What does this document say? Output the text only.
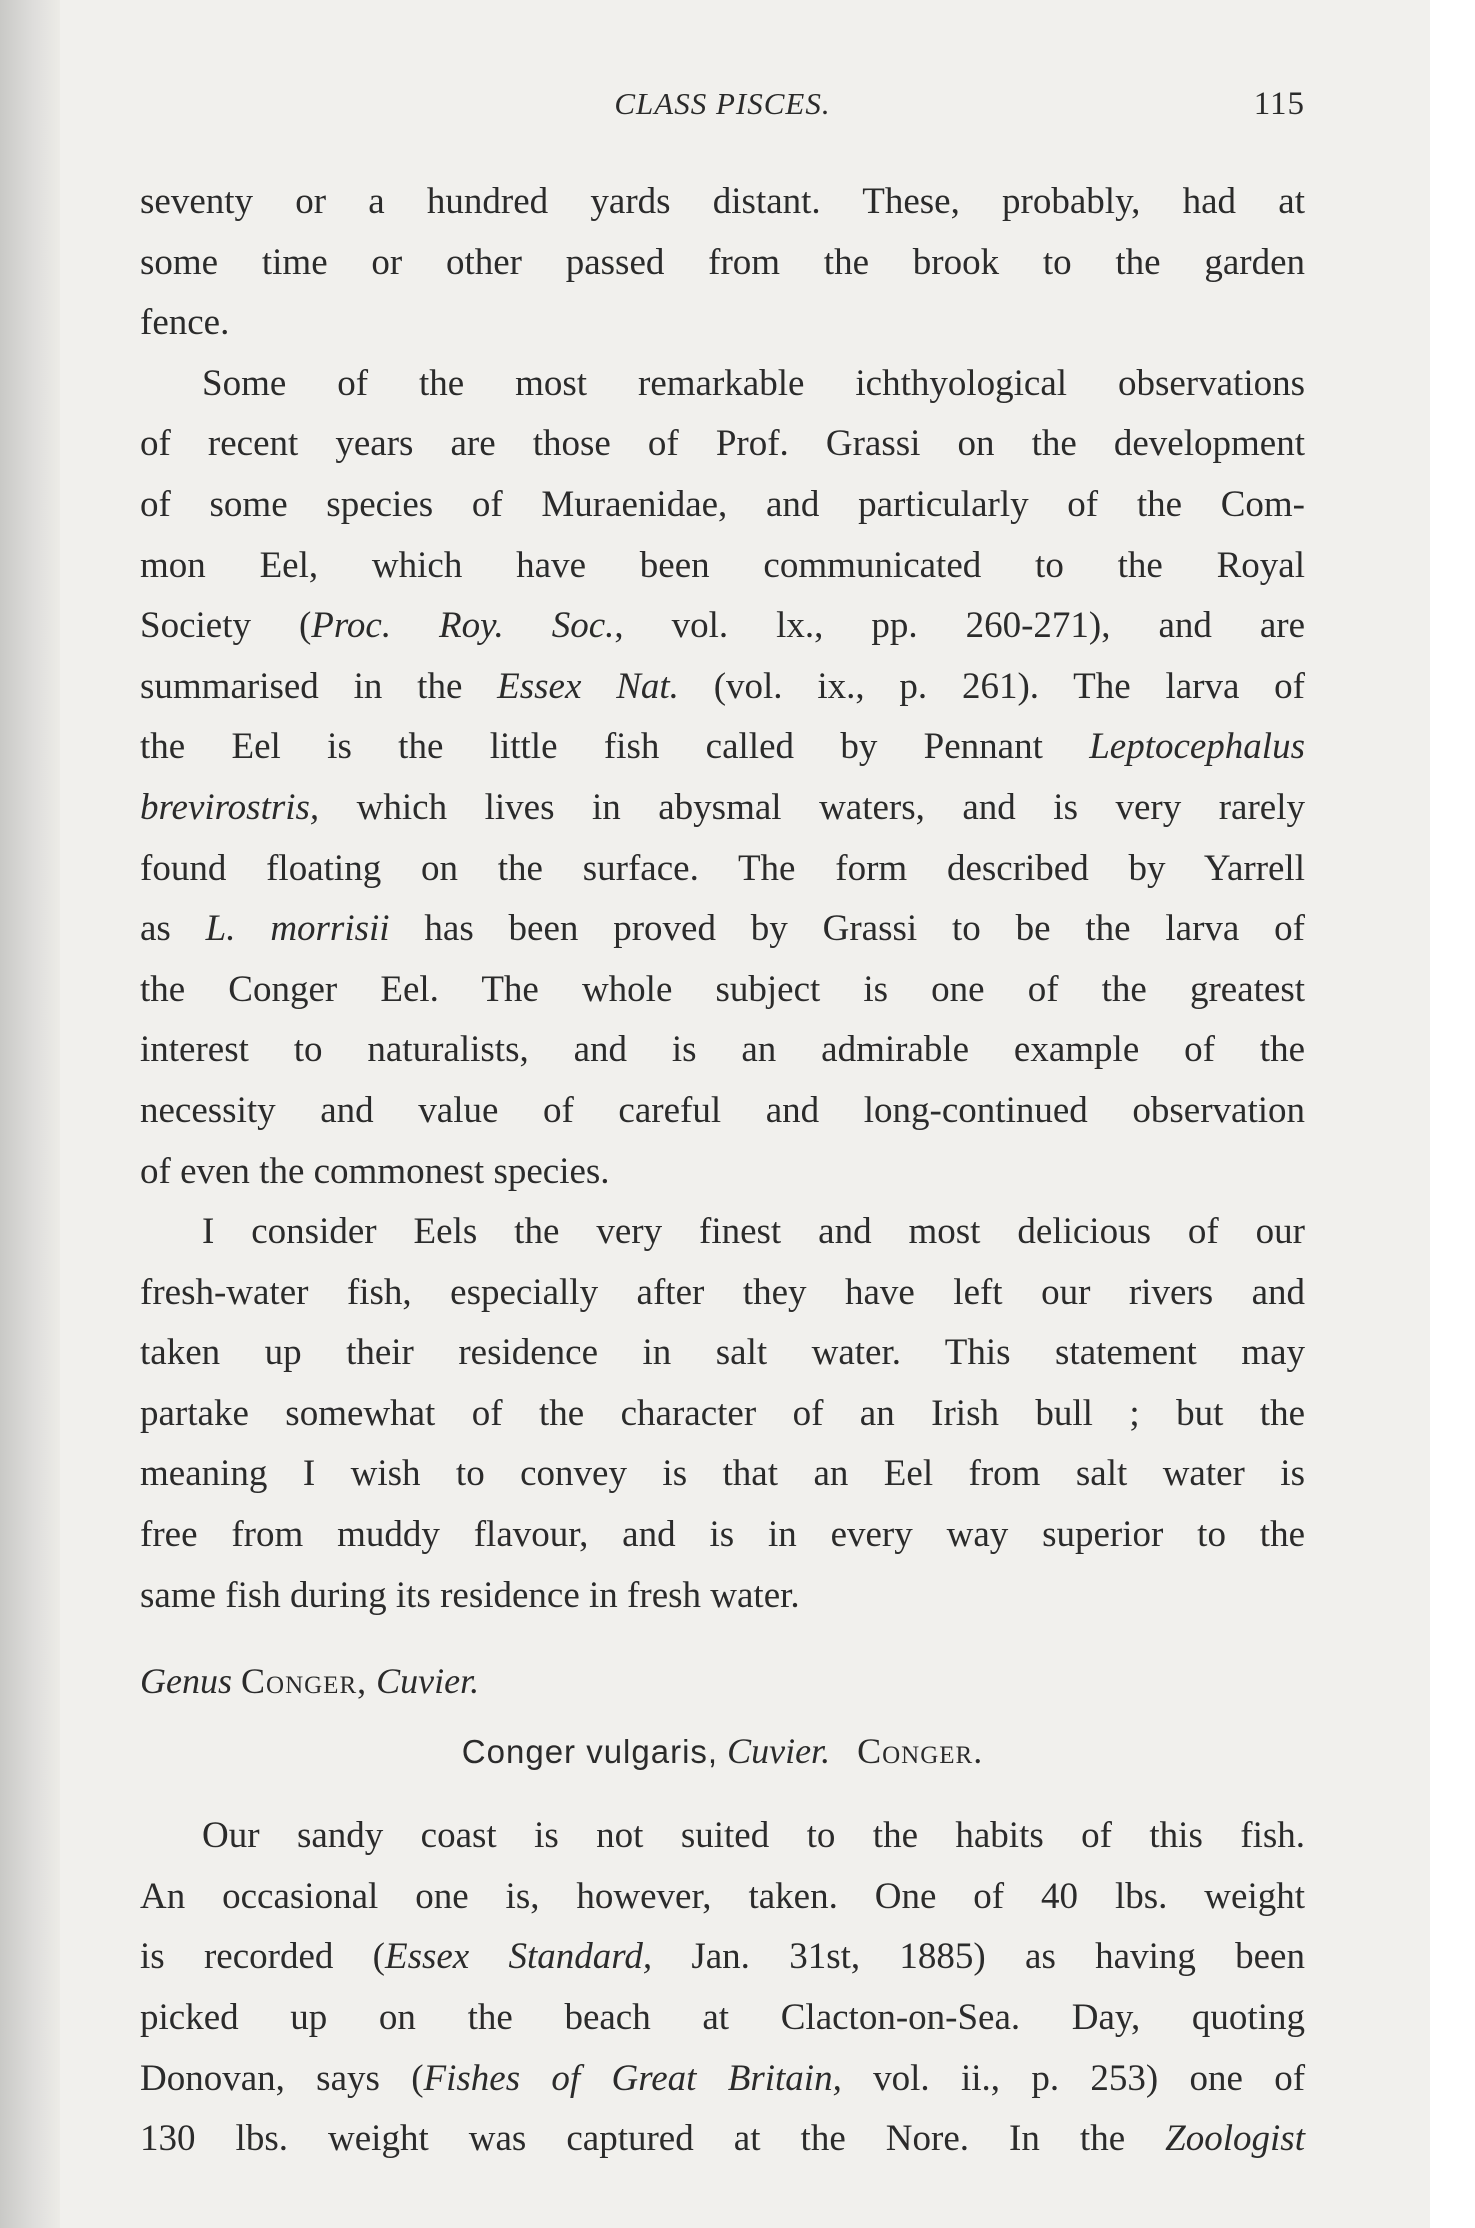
CLASS PISCES.	115
seventy or a hundred yards distant. These, probably, had at
some time or other passed from the brook to the garden
fence.
Some of the most remarkable ichthyological observations
of recent years are those of Prof. Grassi on the development
of some species of Muraenidae, and particularly of the Com-
mon Eel, which have been communicated to the Royal
Society (Proc. Roy. Soc., vol. lx., pp. 260-271), and are
summarised in the Essex Nat. (vol. ix., p. 261). The larva of
the Eel is the little fish called by Pennant Leptocephalus
brevirostris, which lives in abysmal waters, and is very rarely
found floating on the surface. The form described by Yarrell
as L. morrisii has been proved by Grassi to be the larva of
the Conger Eel. The whole subject is one of the greatest
interest to naturalists, and is an admirable example of the
necessity and value of careful and long-continued observation
of even the commonest species.
I consider Eels the very finest and most delicious of our
fresh-water fish, especially after they have left our rivers and
taken up their residence in salt water. This statement may
partake somewhat of the character of an Irish bull ; but the
meaning I wish to convey is that an Eel from salt water is
free from muddy flavour, and is in every way superior to the
same fish during its residence in fresh water.
Genus Conger, Cuvier.
Conger vulgaris, Cuvier. Conger.
Our sandy coast is not suited to the habits of this fish.
An occasional one is, however, taken. One of 40 lbs. weight
is recorded (Essex Standard, Jan. 31st, 1885) as having been
picked up on the beach at Clacton-on-Sea. Day, quoting
Donovan, says (Fishes of Great Britain, vol. ii., p. 253) one of
130 lbs. weight was captured at the Nore. In the Zoologist
